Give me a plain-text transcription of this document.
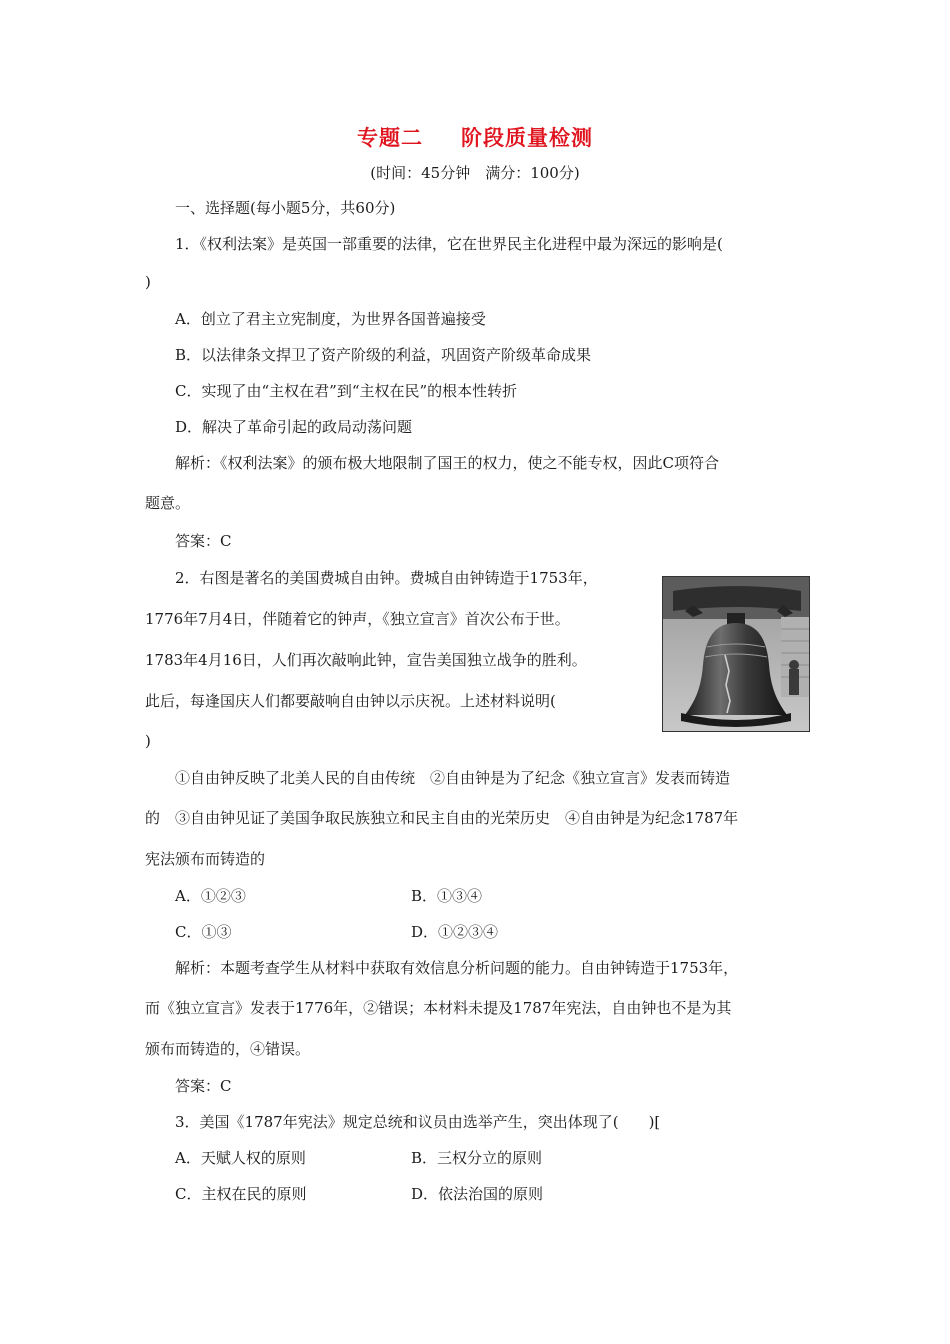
专题二 阶段质量检测
(时间：45分钟　满分：100分)
一、选择题(每小题5分，共60分)
1．《权利法案》是英国一部重要的法律，它在世界民主化进程中最为深远的影响是(
)
A．创立了君主立宪制度，为世界各国普遍接受
B．以法律条文捍卫了资产阶级的利益，巩固资产阶级革命成果
C．实现了由“主权在君”到“主权在民”的根本性转折
D．解决了革命引起的政局动荡问题
解析：《权利法案》的颁布极大地限制了国王的权力，使之不能专权，因此C项符合
题意。
答案：C
2．右图是著名的美国费城自由钟。费城自由钟铸造于1753年，
1776年7月4日，伴随着它的钟声，《独立宣言》首次公布于世。
1783年4月16日，人们再次敲响此钟，宣告美国独立战争的胜利。
此后，每逢国庆人们都要敲响自由钟以示庆祝。上述材料说明(
)
①自由钟反映了北美人民的自由传统　②自由钟是为了纪念《独立宣言》发表而铸造
的　③自由钟见证了美国争取民族独立和民主自由的光荣历史　④自由钟是为纪念1787年
宪法颁布而铸造的
A．①②③	B．①③④
C．①③	D．①②③④
解析：本题考查学生从材料中获取有效信息分析问题的能力。自由钟铸造于1753年，
而《独立宣言》发表于1776年，②错误；本材料未提及1787年宪法，自由钟也不是为其
颁布而铸造的，④错误。
答案：C
3．美国《1787年宪法》规定总统和议员由选举产生，突出体现了(　　)[
A．天赋人权的原则	B．三权分立的原则
C．主权在民的原则	D．依法治国的原则
